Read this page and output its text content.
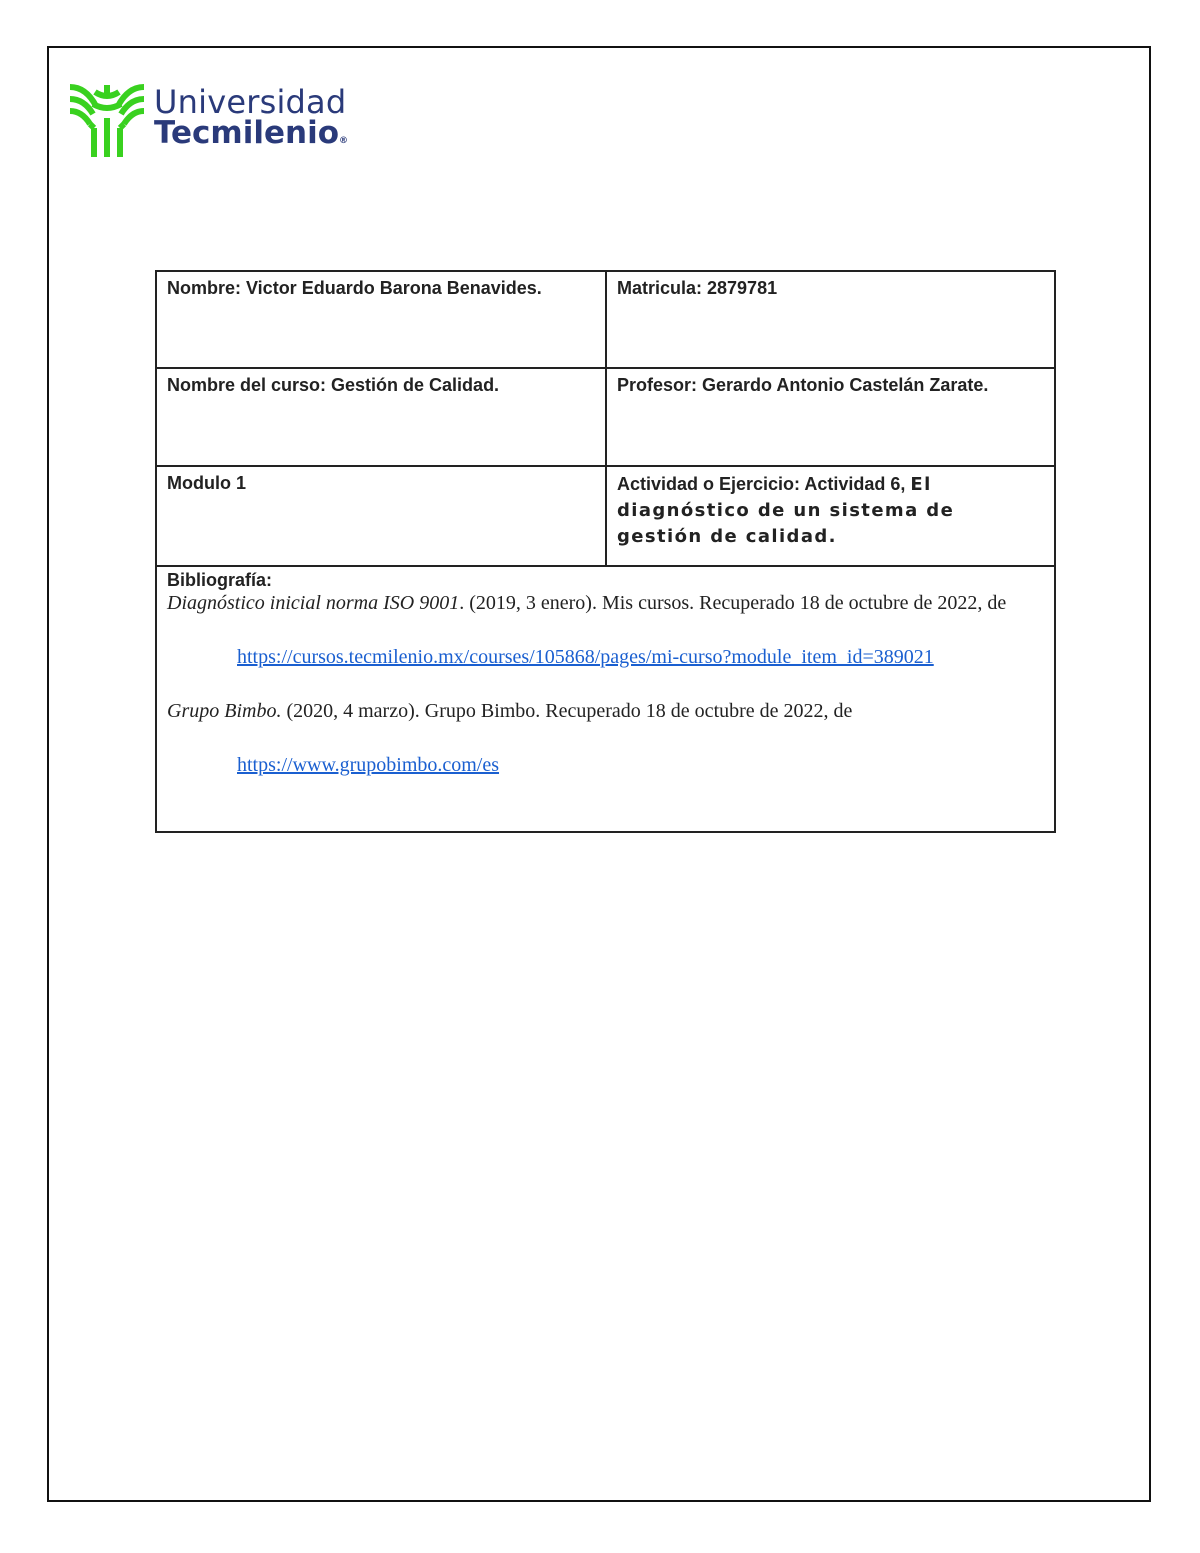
Universidad
Tecmilenio®
Nombre: Victor Eduardo Barona Benavides.	Matricula: 2879781
Nombre del curso: Gestión de Calidad.	Profesor: Gerardo Antonio Castelán Zarate.
Modulo 1	Actividad o Ejercicio: Actividad 6, El diagnóstico de un sistema de gestión de calidad.

Bibliografía:

Diagnóstico inicial norma ISO 9001. (2019, 3 enero). Mis cursos. Recuperado 18 de octubre de 2022, de https://cursos.tecmilenio.mx/courses/105868/pages/mi-curso?module_item_id=389021

Grupo Bimbo. (2020, 4 marzo). Grupo Bimbo. Recuperado 18 de octubre de 2022, de https://www.grupobimbo.com/es	
